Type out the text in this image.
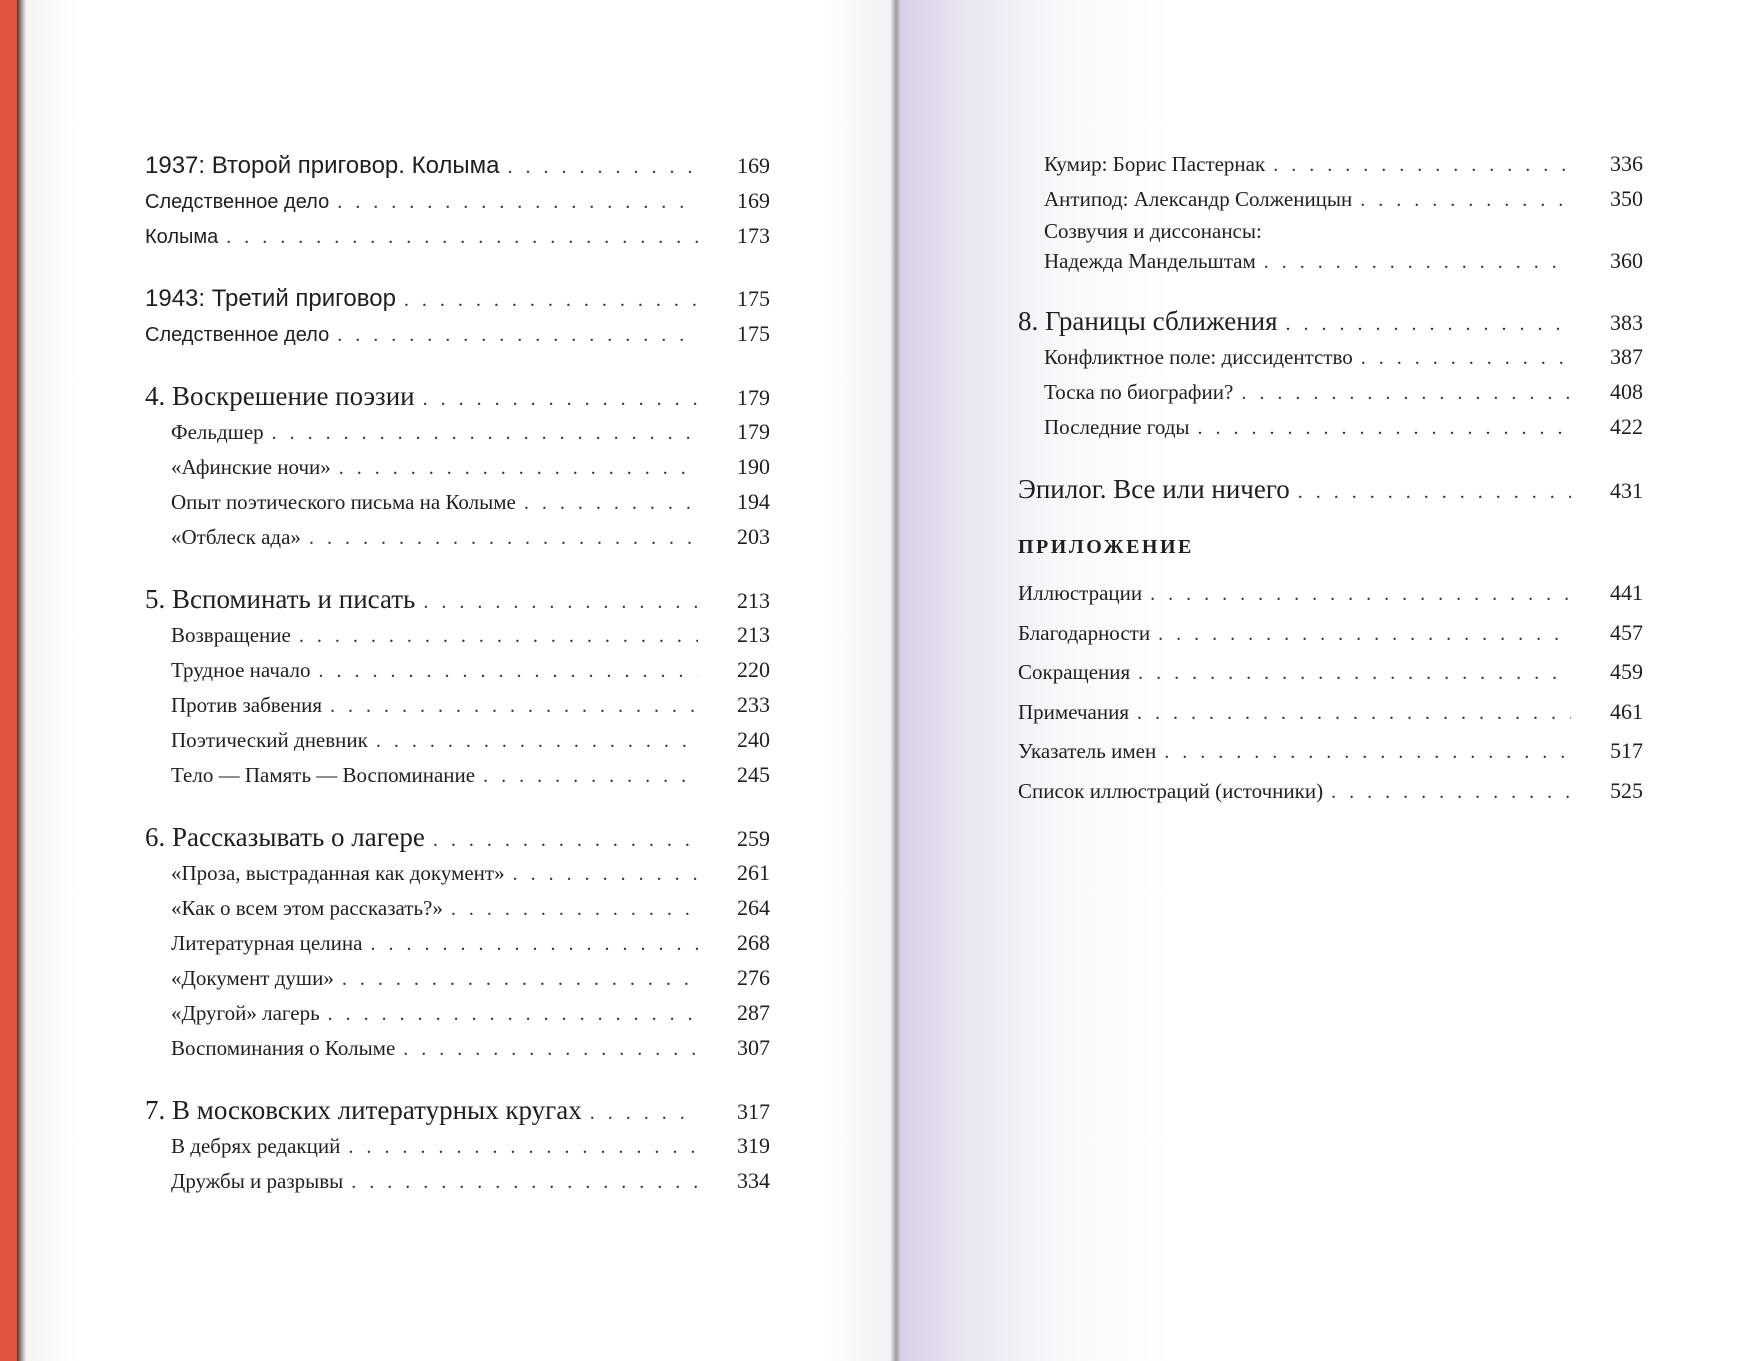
1937: Второй приговор. Колыма . . .	169
Следственное дело . . .	169
Колыма . . .	173
1943: Третий приговор . . .	175
Следственное дело . . .	175
4. Воскрешение поэзии . . .	179
Фельдшер . . .	179
«Афинские ночи» . . .	190
Опыт поэтического письма на Колыме . . .	194
«Отблеск ада» . . .	203
5. Вспоминать и писать . . .	213
Возвращение . . .	213
Трудное начало . . .	220
Против забвения . . .	233
Поэтический дневник . . .	240
Тело — Память — Воспоминание . . .	245
6. Рассказывать о лагере . . .	259
«Проза, выстраданная как документ» . . .	261
«Как о всем этом рассказать?» . . .	264
Литературная целина . . .	268
«Документ души» . . .	276
«Другой» лагерь . . .	287
Воспоминания о Колыме . . .	307
7. В московских литературных кругах . . .	317
В дебрях редакций . . .	319
Дружбы и разрывы . . .	334
Кумир: Борис Пастернак . . .	336
Антипод: Александр Солженицын . . .	350
Созвучия и диссонансы:
Надежда Мандельштам . . .	360
8. Границы сближения . . .	383
Конфликтное поле: диссидентство . . .	387
Тоска по биографии? . . .	408
Последние годы . . .	422
Эпилог. Все или ничего . . .	431
ПРИЛОЖЕНИЕ
Иллюстрации . . .	441
Благодарности . . .	457
Сокращения . . .	459
Примечания . . .	461
Указатель имен . . .	517
Список иллюстраций (источники) . . .	525
